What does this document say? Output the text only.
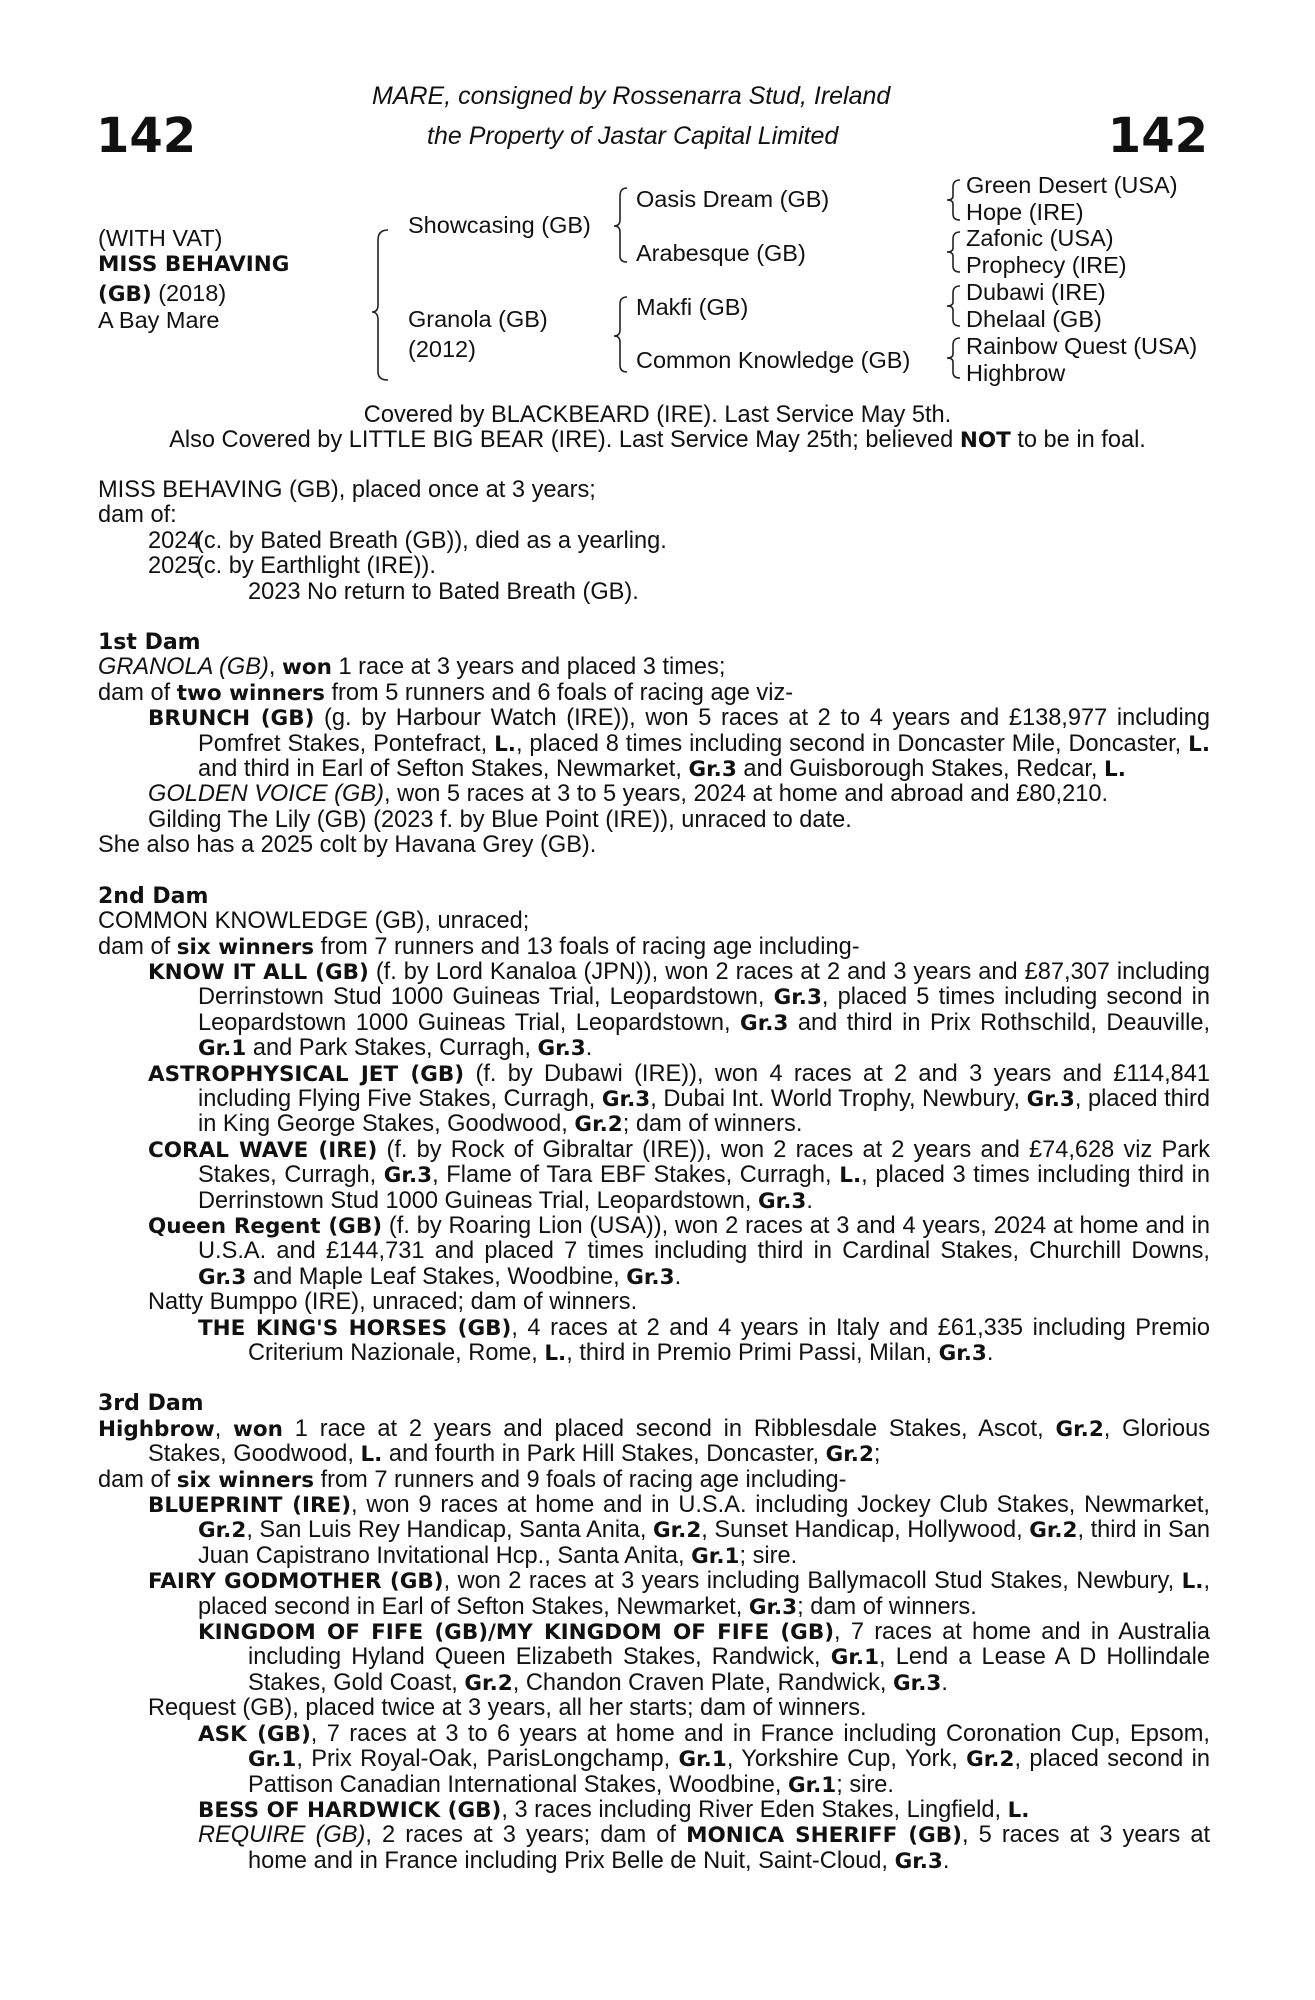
142	142
MARE, consigned by Rossenarra Stud, Ireland
the Property of Jastar Capital Limited
(WITH VAT)
MISS BEHAVING
(GB) (2018)
A Bay Mare
Showcasing (GB)
Granola (GB)
(2012)
Oasis Dream (GB)
Arabesque (GB)
Makfi (GB)
Common Knowledge (GB)
Green Desert (USA)
Hope (IRE)
Zafonic (USA)
Prophecy (IRE)
Dubawi (IRE)
Dhelaal (GB)
Rainbow Quest (USA)
Highbrow
Covered by BLACKBEARD (IRE). Last Service May 5th.
Also Covered by LITTLE BIG BEAR (IRE). Last Service May 25th; believed NOT to be in foal.

MISS BEHAVING (GB), placed once at 3 years;

dam of:

2024
(c. by Bated Breath (GB)), died as a yearling.
2025
(c. by Earthlight (IRE)).

2023 No return to Bated Breath (GB).

1st Dam

GRANOLA (GB), won 1 race at 3 years and placed 3 times;

dam of two winners from 5 runners and 6 foals of racing age viz-

BRUNCH (GB) (g. by Harbour Watch (IRE)), won 5 races at 2 to 4 years and £138,977 including Pomfret Stakes, Pontefract, L., placed 8 times including second in Doncaster Mile, Doncaster, L. and third in Earl of Sefton Stakes, Newmarket, Gr.3 and Guisborough Stakes, Redcar, L.

GOLDEN VOICE (GB), won 5 races at 3 to 5 years, 2024 at home and abroad and £80,210.

Gilding The Lily (GB) (2023 f. by Blue Point (IRE)), unraced to date.

She also has a 2025 colt by Havana Grey (GB).

2nd Dam

COMMON KNOWLEDGE (GB), unraced;

dam of six winners from 7 runners and 13 foals of racing age including-

KNOW IT ALL (GB) (f. by Lord Kanaloa (JPN)), won 2 races at 2 and 3 years and £87,307 including Derrinstown Stud 1000 Guineas Trial, Leopardstown, Gr.3, placed 5 times including second in Leopardstown 1000 Guineas Trial, Leopardstown, Gr.3 and third in Prix Rothschild, Deauville, Gr.1 and Park Stakes, Curragh, Gr.3.

ASTROPHYSICAL JET (GB) (f. by Dubawi (IRE)), won 4 races at 2 and 3 years and £114,841 including Flying Five Stakes, Curragh, Gr.3, Dubai Int. World Trophy, Newbury, Gr.3, placed third in King George Stakes, Goodwood, Gr.2; dam of winners.

CORAL WAVE (IRE) (f. by Rock of Gibraltar (IRE)), won 2 races at 2 years and £74,628 viz Park Stakes, Curragh, Gr.3, Flame of Tara EBF Stakes, Curragh, L., placed 3 times including third in Derrinstown Stud 1000 Guineas Trial, Leopardstown, Gr.3.

Queen Regent (GB) (f. by Roaring Lion (USA)), won 2 races at 3 and 4 years, 2024 at home and in U.S.A. and £144,731 and placed 7 times including third in Cardinal Stakes, Churchill Downs, Gr.3 and Maple Leaf Stakes, Woodbine, Gr.3.

Natty Bumppo (IRE), unraced; dam of winners.

THE KING'S HORSES (GB), 4 races at 2 and 4 years in Italy and £61,335 including Premio Criterium Nazionale, Rome, L., third in Premio Primi Passi, Milan, Gr.3.

3rd Dam

Highbrow, won 1 race at 2 years and placed second in Ribblesdale Stakes, Ascot, Gr.2, Glorious Stakes, Goodwood, L. and fourth in Park Hill Stakes, Doncaster, Gr.2;

dam of six winners from 7 runners and 9 foals of racing age including-

BLUEPRINT (IRE), won 9 races at home and in U.S.A. including Jockey Club Stakes, Newmarket, Gr.2, San Luis Rey Handicap, Santa Anita, Gr.2, Sunset Handicap, Hollywood, Gr.2, third in San Juan Capistrano Invitational Hcp., Santa Anita, Gr.1; sire.

FAIRY GODMOTHER (GB), won 2 races at 3 years including Ballymacoll Stud Stakes, Newbury, L., placed second in Earl of Sefton Stakes, Newmarket, Gr.3; dam of winners.

KINGDOM OF FIFE (GB)/MY KINGDOM OF FIFE (GB), 7 races at home and in Australia including Hyland Queen Elizabeth Stakes, Randwick, Gr.1, Lend a Lease A D Hollindale Stakes, Gold Coast, Gr.2, Chandon Craven Plate, Randwick, Gr.3.

Request (GB), placed twice at 3 years, all her starts; dam of winners.

ASK (GB), 7 races at 3 to 6 years at home and in France including Coronation Cup, Epsom, Gr.1, Prix Royal-Oak, ParisLongchamp, Gr.1, Yorkshire Cup, York, Gr.2, placed second in Pattison Canadian International Stakes, Woodbine, Gr.1; sire.

BESS OF HARDWICK (GB), 3 races including River Eden Stakes, Lingfield, L.

REQUIRE (GB), 2 races at 3 years; dam of MONICA SHERIFF (GB), 5 races at 3 years at home and in France including Prix Belle de Nuit, Saint-Cloud, Gr.3.
